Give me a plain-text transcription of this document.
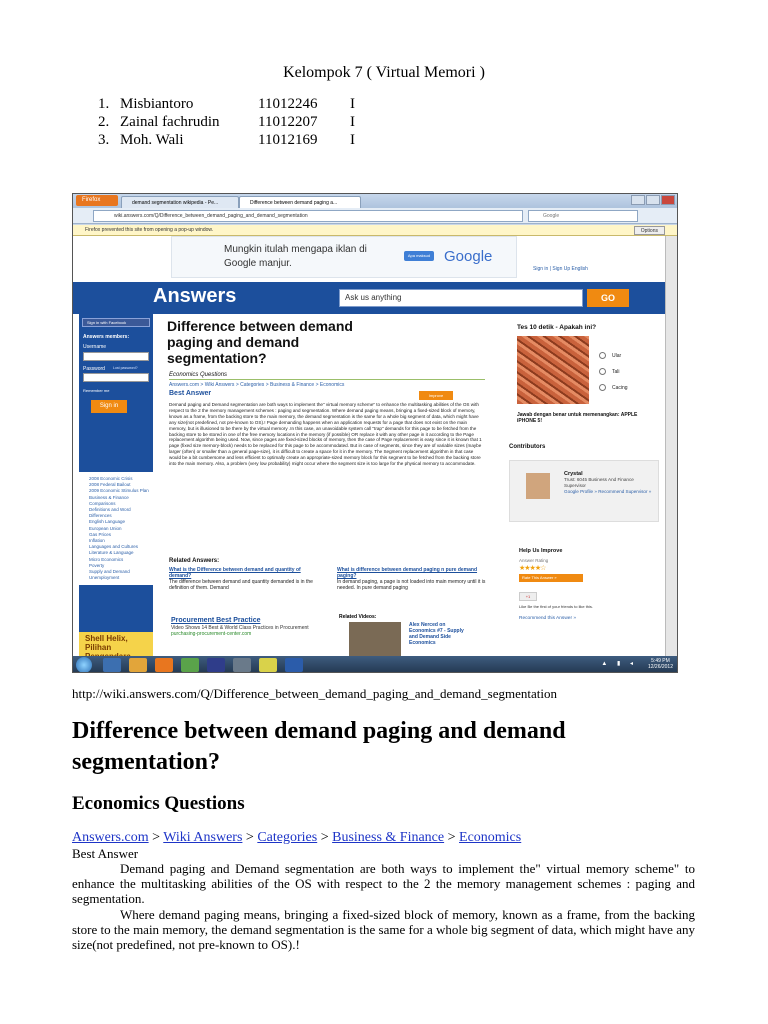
Kelompok 7 ( Virtual Memori )
1. Misbiantoro	11012246	I
2. Zainal fachrudin	11012207	I
3. Moh. Wali	11012169	I
Firefox	demand segmentation wikipedia - Pe...	Difference between demand paging a...
wiki.answers.com/Q/Difference_between_demand_paging_and_demand_segmentation	Google
Firefox prevented this site from opening a pop-up window.	Options
Mungkin itulah mengapa iklan di Google manjur.
Apa maksud Google
Sign in | Sign Up English
Answers	Ask us anything	GO
Sign in with Facebook
Answers members:
Username
Password Lost password?
Remember me
Sign in
2008 Economic Crisis
2008 Federal Bailout
2009 Economic Stimulus Plan
Business & Finance
Comparisons
Definitions and Word Differences
English Language
European Union
Gas Prices
Inflation
Languages and Cultures
Literature & Language
Micro Economics
Poverty
Supply and Demand
Unemployment
Shell Helix, Pilihan
Difference between demand paging and demand segmentation?
Economics Questions
Answers.com > Wiki Answers > Categories > Business & Finance > Economics
Best Answer	Improve
Demand paging and Demand segmentation are both ways to implement the" virtual memory scheme" to enhance the multitasking abilities of the OS with respect to the 2 the memory management schemes : paging and segmentation. Where demand paging means, bringing a fixed-sized block of memory, known as a frame, from the backing store to the main memory, the demand segmentation is the same for a whole big segment of data, which might have any size(not predefined, not pre-known to OS).! Page demanding happens when an application requests for a page that does not exist on the main memory, but is illusioned to be there by the virtual memory .In this case, an unavoidable system call "trap" demands for this page to be fetched from the backing store to be stored in one of the free memory locations in the memory (if possible) OR replace it with any other page in it according to the Page replacement algorithm being used. Now, since pages are fixed-sized blocks of memory, then the case of Page replacement is easy since it is known that 1 page (fixed size memory-block) needs to be replaced for this page to be accommodated. But in case of segments, since they are of variable sizes (maybe larger (often) or smaller than a general page-size), it is difficult to create a space for it in the memory. The Segment replacement algorithm in that case would be a bit cumbersome and less efficient to optimally create an appropriate-sized memory block for this segment to be fetched from the backing store into the main memory. Also, a problem (very low probability) might occur where the segment size is too large for the physical memory to accommodate.
Related Answers:
What is the Difference between demand and quantity of demand?
The difference between demand and quantity demanded is in the definition of them. Demand
What is difference between demand paging n pure demand paging?
In demand paging, a page is not loaded into main memory until it is needed. In pure demand paging
Procurement Best Practice
Video Shows 14 Best & World Class Practices in Procurement
purchasing-procurement-center.com
Related Videos:
Alex Nerced on Economics #7 - Supply and Demand Side Economics
Tes 10 detik - Apakah ini?
Ular
Tali
Cacing
Jawab dengan benar untuk memenangkan: APPLE iPHONE 5!
Contributors
Crystal
Trust: 6045 Business And Finance Supervisor
Google Profile » Recommend Supervisor »
Help Us Improve
Answer Rating
★★★★☆
Rate This Answer »
+1
Like Be the first of your friends to like this.
Recommend this Answer »
▲ ▮ ◂	5:49 PM
12/26/2012
http://wiki.answers.com/Q/Difference_between_demand_paging_and_demand_segmentation
Difference between demand paging and demand segmentation?
Economics Questions
Answers.com > Wiki Answers > Categories > Business & Finance > Economics
Best Answer

Demand paging and Demand segmentation are both ways to implement the" virtual memory scheme" to enhance the multitasking abilities of the OS with respect to the 2 the memory management schemes : paging and segmentation.

Where demand paging means, bringing a fixed-sized block of memory, known as a frame, from the backing store to the main memory, the demand segmentation is the same for a whole big segment of data, which might have any size(not predefined, not pre-known to OS).!
